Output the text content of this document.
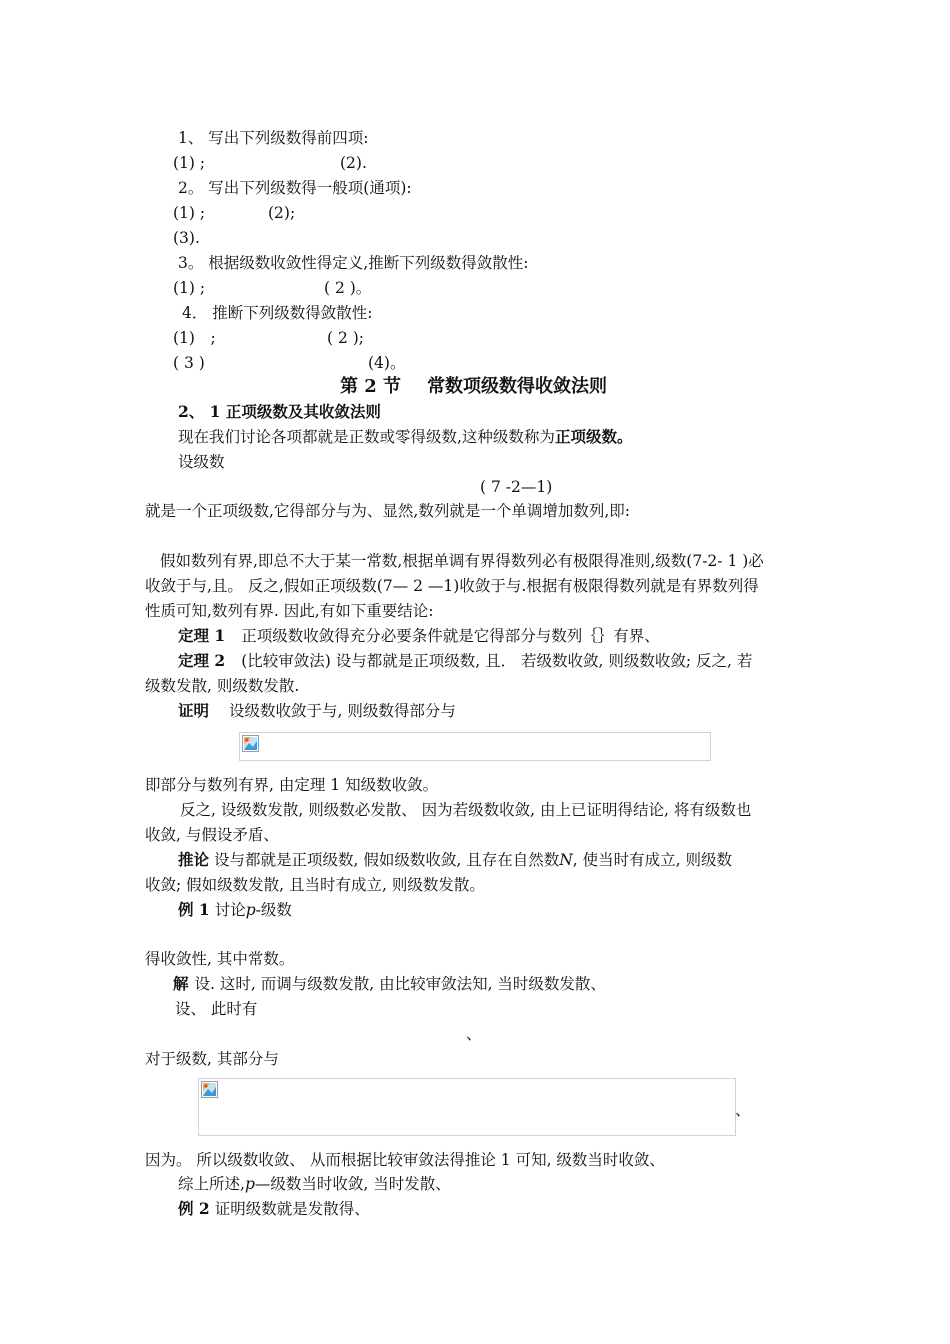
1、 写出下列级数得前四项:
(1) ;	(2).
2。 写出下列级数得一般项(通项):
(1) ;	(2);
(3).
3。 根据级数收敛性得定义,推断下列级数得敛散性:
(1) ;	( 2 )。
4． 推断下列级数得敛散性:
(1)　;	( 2 );
( 3 )	(4)。
第 2 节 常数项级数得收敛法则
2、 1 正项级数及其收敛法则
现在我们讨论各项都就是正数或零得级数,这种级数称为正项级数。
设级数
( 7 -2—1)
就是一个正项级数,它得部分与为、显然,数列就是一个单调增加数列,即:
假如数列有界,即总不大于某一常数,根据单调有界得数列必有极限得准则,级数(7-2- 1 )必
收敛于与,且。 反之,假如正项级数(7— 2 —1)收敛于与.根据有极限得数列就是有界数列得
性质可知,数列有界. 因此,有如下重要结论:
定理 1 正项级数收敛得充分必要条件就是它得部分与数列｛｝有界、
定理 2 (比较审敛法) 设与都就是正项级数, 且． 若级数收敛, 则级数收敛; 反之, 若
级数发散, 则级数发散.
证明 设级数收敛于与, 则级数得部分与
即部分与数列有界, 由定理 1 知级数收敛。
反之, 设级数发散, 则级数必发散、 因为若级数收敛, 由上已证明得结论, 将有级数也
收敛, 与假设矛盾、
推论 设与都就是正项级数, 假如级数收敛, 且存在自然数N, 使当时有成立, 则级数
收敛; 假如级数发散, 且当时有成立, 则级数发散。
例 1 讨论p-级数
得收敛性, 其中常数。
解 设. 这时, 而调与级数发散, 由比较审敛法知, 当时级数发散、
设、 此时有
、
对于级数, 其部分与
、
因为。 所以级数收敛、 从而根据比较审敛法得推论 1 可知, 级数当时收敛、
综上所述,p—级数当时收敛, 当时发散、
例 2 证明级数就是发散得、
